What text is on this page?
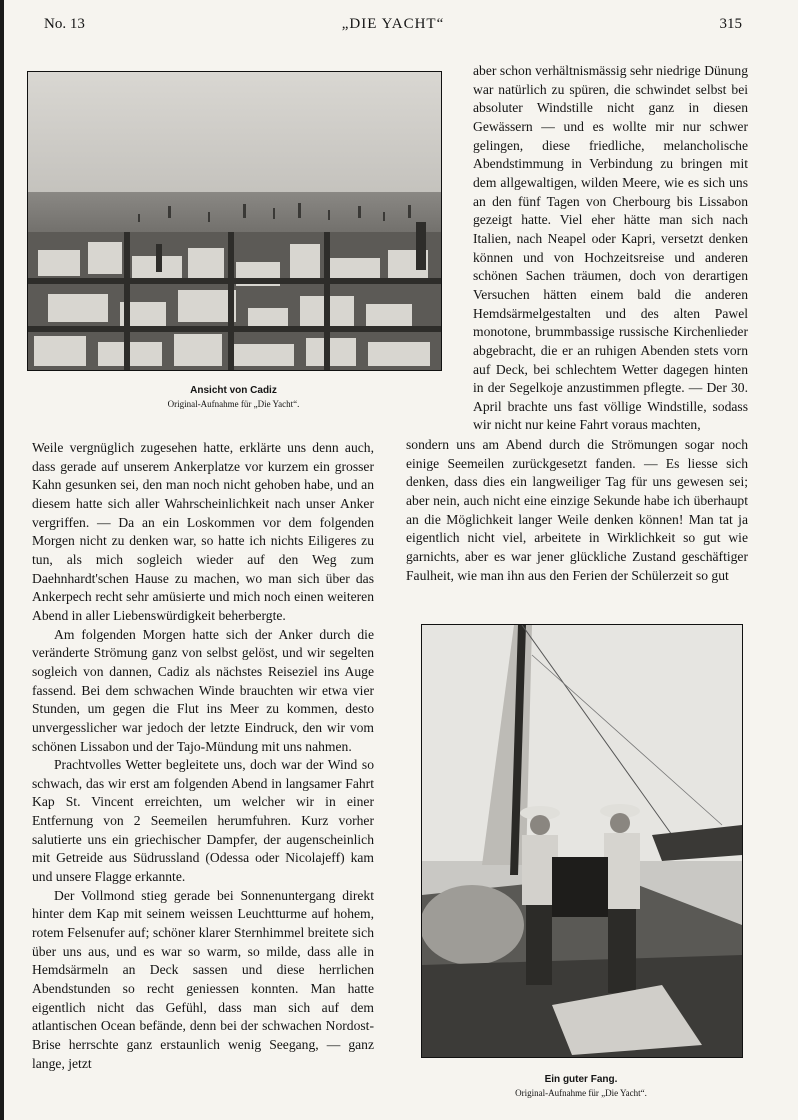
No. 13	„DIE YACHT“	315
Ansicht von Cadiz
Original-Aufnahme für „Die Yacht“.

Weile vergnüglich zugesehen hatte, erklärte uns denn auch, dass gerade auf unserem Ankerplatze vor kurzem ein grosser Kahn gesunken sei, den man noch nicht gehoben habe, und an diesem hatte sich aller Wahrscheinlichkeit nach unser Anker vergriffen. — Da an ein Loskommen vor dem folgenden Morgen nicht zu denken war, so hatte ich nichts Eiligeres zu tun, als mich sogleich wieder auf den Weg zum Daehnhardt'schen Hause zu machen, wo man sich über das Ankerpech recht sehr amüsierte und mich noch einen weiteren Abend in aller Liebenswürdigkeit beherbergte.

Am folgenden Morgen hatte sich der Anker durch die veränderte Strömung ganz von selbst gelöst, und wir segelten sogleich von dannen, Cadiz als nächstes Reiseziel ins Auge fassend. Bei dem schwachen Winde brauchten wir etwa vier Stunden, um gegen die Flut ins Meer zu kommen, desto unvergesslicher war jedoch der letzte Eindruck, den wir vom schönen Lissabon und der Tajo-Mündung mit uns nahmen.

Prachtvolles Wetter begleitete uns, doch war der Wind so schwach, das wir erst am folgenden Abend in langsamer Fahrt Kap St. Vincent erreichten, um welcher wir in einer Entfernung von 2 Seemeilen herumfuhren. Kurz vorher salutierte uns ein griechischer Dampfer, der augenscheinlich mit Getreide aus Südrussland (Odessa oder Nicolajeff) kam und unsere Flagge erkannte.

Der Vollmond stieg gerade bei Sonnenuntergang direkt hinter dem Kap mit seinem weissen Leuchtturme auf hohem, rotem Felsenufer auf; schöner klarer Sternhimmel breitete sich über uns aus, und es war so warm, so milde, dass alle in Hemdsärmeln an Deck sassen und diese herrlichen Abendstunden so recht geniessen konnten. Man hatte eigentlich nicht das Gefühl, dass man sich auf dem atlantischen Ocean befände, denn bei der schwachen Nordost-Brise herrschte ganz erstaunlich wenig Seegang, — ganz lange, jetzt

aber schon verhältnismässig sehr niedrige Dünung war natürlich zu spüren, die schwindet selbst bei absoluter Windstille nicht ganz in diesen Gewässern — und es wollte mir nur schwer gelingen, diese friedliche, melancholische Abendstimmung in Verbindung zu bringen mit dem allgewaltigen, wilden Meere, wie es sich uns an den fünf Tagen von Cherbourg bis Lissabon gezeigt hatte. Viel eher hätte man sich nach Italien, nach Neapel oder Kapri, versetzt denken können und von Hochzeitsreise und anderen schönen Sachen träumen, doch von derartigen Versuchen hätten einem bald die anderen Hemdsärmelgestalten und des alten Pawel monotone, brummbassige russische Kirchenlieder abgebracht, die er an ruhigen Abenden stets vorn auf Deck, bei schlechtem Wetter dagegen hinten in der Segelkoje anzustimmen pflegte. — Der 30. April brachte uns fast völlige Windstille, sodass wir nicht nur keine Fahrt voraus machten,

sondern uns am Abend durch die Strömungen sogar noch einige Seemeilen zurückgesetzt fanden. — Es liesse sich denken, dass dies ein langweiliger Tag für uns gewesen sei; aber nein, auch nicht eine einzige Sekunde habe ich überhaupt an die Möglichkeit langer Weile denken können! Man tat ja eigentlich nicht viel, arbeitete in Wirklichkeit so gut wie garnichts, aber es war jener glückliche Zustand geschäftiger Faulheit, wie man ihn aus den Ferien der Schülerzeit so gut

Ein guter Fang.
Original-Aufnahme für „Die Yacht“.
